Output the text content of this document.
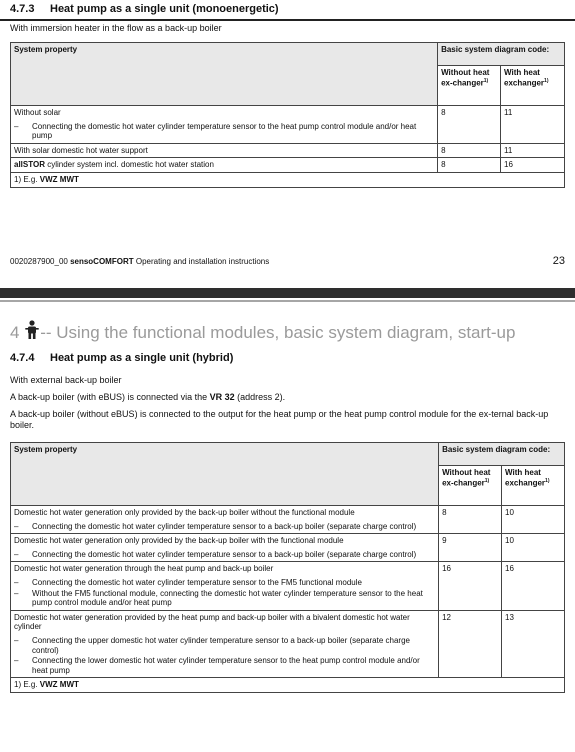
4.7.3 Heat pump as a single unit (monoenergetic)
With immersion heater in the flow as a back-up boiler
System property	Basic system diagram code:	
	Without heat ex-changer$^{1)}$	With heat exchanger$^{1)}$

Without solar
– Connecting the domestic hot water cylinder temperature sensor to the heat pump control module and/or heat pump	8	11
With solar domestic hot water support	8	11
allSTOR cylinder system incl. domestic hot water station	8	16
1) E.g. VWZ MWT		
0020287900_00 sensoCOMFORT Operating and installation instructions	23
4 -- Using the functional modules, basic system diagram, start-up
4.7.4 Heat pump as a single unit (hybrid)
With external back-up boiler
A back-up boiler (with eBUS) is connected via the VR 32 (address 2).
A back-up boiler (without eBUS) is connected to the output for the heat pump or the heat pump control module for the ex-ternal back-up boiler.
System property	Basic system diagram code:	
	Without heat ex-changer$^{1)}$	With heat exchanger$^{1)}$

Domestic hot water generation only provided by the back-up boiler without the functional module
– Connecting the domestic hot water cylinder temperature sensor to a back-up boiler (separate charge control)	8	10

Domestic hot water generation only provided by the back-up boiler with the functional module
– Connecting the domestic hot water cylinder temperature sensor to a back-up boiler (separate charge control)	9	10

Domestic hot water generation through the heat pump and back-up boiler
– Connecting the domestic hot water cylinder temperature sensor to the FM5 functional module
– Without the FM5 functional module, connecting the domestic hot water cylinder temperature sensor to the heat pump control module and/or heat pump	16	16

Domestic hot water generation provided by the heat pump and back-up boiler with a bivalent domestic hot water cylinder
– Connecting the upper domestic hot water cylinder temperature sensor to a back-up boiler (separate charge control)
– Connecting the lower domestic hot water cylinder temperature sensor to the heat pump control module and/or heat pump	12	13
1) E.g. VWZ MWT		
